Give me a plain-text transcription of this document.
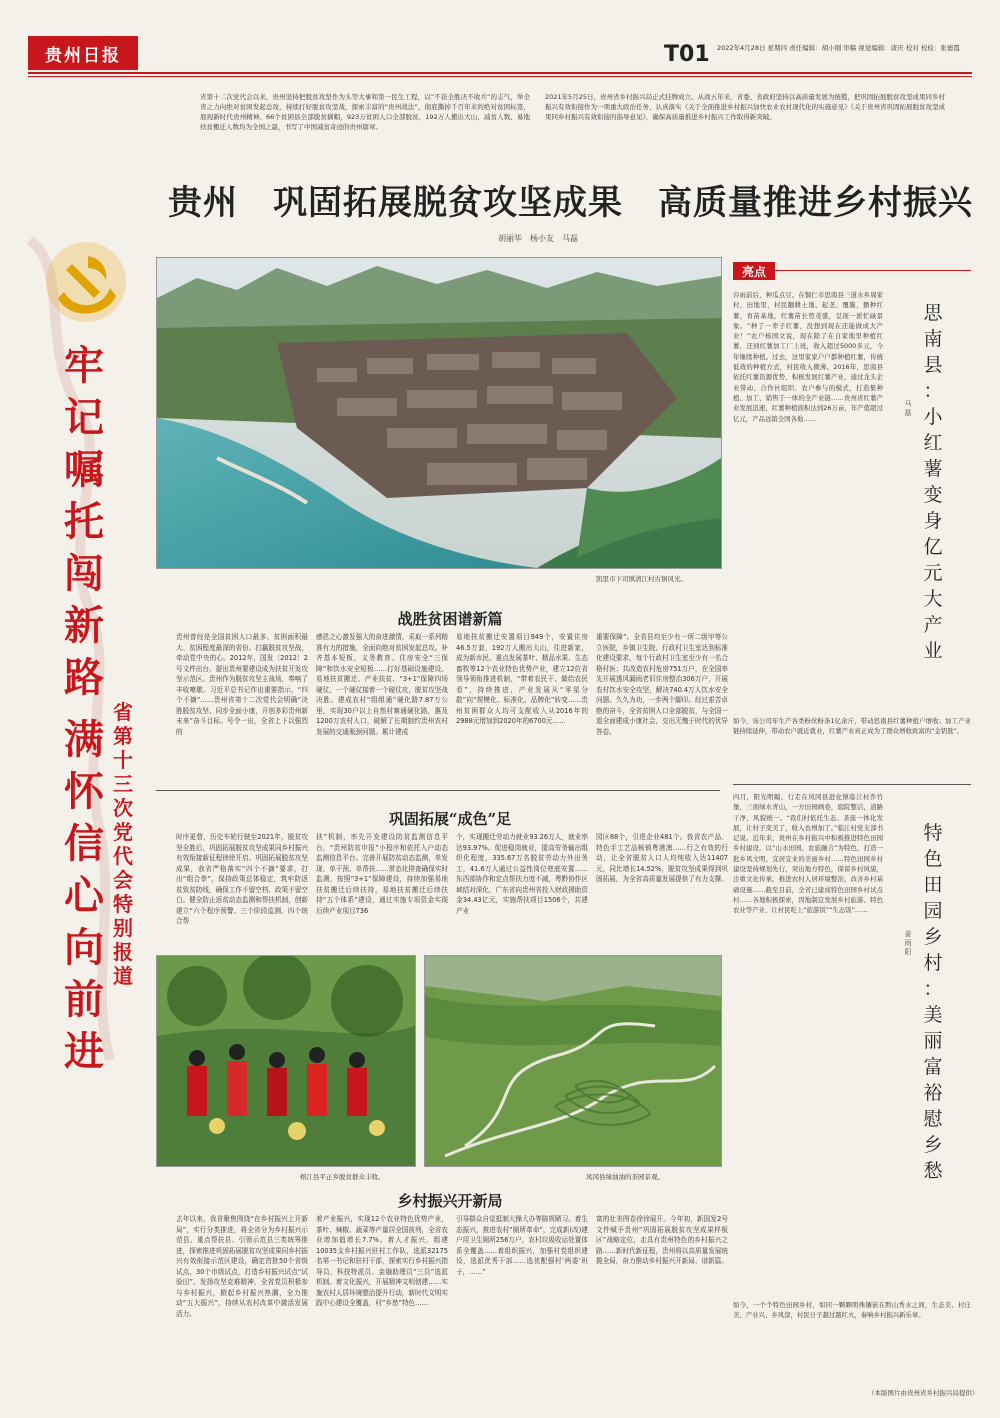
贵州日报	T01 2022年4月28日 星期四 责任编辑：胡小刚 审稿 视觉编辑：唐庆 校对 校检：张德霞
牢
记
嘱
托
闯
新
路
满
怀
信
心
向
前
进
省第十三次党代会特别报道
省第十二次党代会以来，贵州坚持把脱贫攻坚作为头等大事和第一民生工程，以“不获全胜决不收兵”的志气，举全省之力向绝对贫困发起总攻，持续打好脱贫攻坚战，探索丰富的“贵州战法”，彻底撕掉千百年来的绝对贫困标签，展现新时代贵州精神。66个贫困县全部脱贫摘帽，923万贫困人口全部脱贫，192万人搬出大山，减贫人数、易地扶贫搬迁人数均为全国之最，书写了中国减贫奇迹的贵州篇章。
2021年5月25日，贵州省乡村振兴局正式挂牌成立。从战五年来，省委、省政府坚持以高质量发展为统揽，把巩固拓展脱贫攻坚成果同乡村振兴有效衔接作为一项重大政治任务，认真落实《关于全面推进乡村振兴加快农业农村现代化的实施意见》《关于贵州省巩固拓展脱贫攻坚成果同乡村振兴有效衔接的指导意见》，确保高质量推进乡村振兴工作取得新突破。
贵州　巩固拓展脱贫攻坚成果　高质量推进乡村振兴
胡丽华　杨小友　马磊
凯里市下司镇清江村古镇风光。
战胜贫困谱新篇
贵州曾经是全国贫困人口最多、贫困面积最大、贫困程度最深的省份。打赢脱贫攻坚战，牵动党中央的心。2012年，国发〔2012〕2号文件出台，提出贵州要建设成为扶贫开发攻坚示范区。贵州作为脱贫攻坚主战场，奏响了丰收嘹歌。习近平总书记作出重要指示，“四个不摘”……贵州省第十二次党代会明确“决胜脱贫攻坚、同步全面小康，开创多彩贵州新未来”奋斗目标。号令一出，全省上下以强烈的
感恩之心激发强大的奋进激情，采取一系列精准有力的措施，全面向绝对贫困发起总攻。补齐基本短板，义务教育、住房安全“三保障”和饮水安全短板……打好基础设施建设、易地扶贫搬迁、产业扶贫、“3+1”保障四场硬仗，一个硬仗接着一个硬仗攻，脱贫攻坚战决胜。建成农村“组组通”硬化路7.87万公里，实现30户以上自然村寨通硬化路，惠及1200万农村人口，破解了长期制约贵州农村发展的交通瓶颈问题。累计建成
易地扶贫搬迁安置项目949个，安置住房46.5万套，192万人搬出大山，住进新家，成为新市民。重点发展茶叶、精品水果、生态畜牧等12个农业特色优势产业，建立12位省领导领衔推进机制，“带着农民干、做给农民看”，持续推进，产业发展从“零星分散”向“规模化、标准化、品牌化”转变……贵州贫困群众人均可支配收入从2016年的2988元增加到2020年的6700元……
重要保障”。全省县均至少有一所二级甲等公立医院，乡镇卫生院、行政村卫生室达到标准化建设要求，每个行政村卫生室至少有一名合格村医；共改造农村危房751万户，在全国率先开展透风漏雨老旧住房整治306万户，开展农村饮水安全攻坚，解决740.4万人饮水安全问题。久久为功，一步两个脚印。经过艰苦卓绝的奋斗，全省贫困人口全部脱贫，与全国一道全面建成小康社会，交出无愧于时代的优异答卷。
巩固拓展“成色”足
时序更替，历史车轮行驶至2021年，脱贫攻坚全胜后，巩固拓展脱贫攻坚成果同乡村振兴有效衔接新征程徐徐开启。巩固拓展脱贫攻坚成果，我省严格落实“四个不摘”要求，打出“组合拳”，保持政策总体稳定，筑牢防返贫致贫防线，确保工作不留空档、政策不留空白。健全防止返贫动态监测和帮扶机制，创新建立“六个程序预警、三个阶段监测、四个统合帮
扶”机制，率先开发建设防贫监测信息平台，“贵州防贫申报”小程序和依托入户动态监测信息平台。完善开展防贫动态监测，单发现、单干预、单帮扶……常态化排查确保实时监测，按照“3+1”保障建设，持续加强易地扶贫搬迁后续扶持，易地扶贫搬迁后续扶持“五个体系”建设，通过实施专项资金实现后续产业项目736
个，实现搬迁劳动力就业93.26万人，就业率达93.97%。促进稳岗就业，提高劳务输出组织化程度，335.67万名脱贫劳动力外出务工，41.6万人通过公益性岗位兜底安置……东西部协作和定点帮扶力度不减，粤黔协作区域结对深化，广东省向贵州省投入财政援助资金34.43亿元，实施帮扶项目1506个，共建产业
园区88个，引进企业481个。我省农产品、特色手工艺品畅销粤港澳……行之有效的行动，让全省脱贫人口人均纯收入达11407元，同比增长14.52%，脱贫攻坚成果得到巩固拓展，为全省高质量发展提供了有力支撑。
榕江县平正乡脱贫群众丰收。	凤冈县绿油油的茶园景观。
乡村振兴开新局
去年以来，我省聚焦围绕“在乡村振兴上开新局”，实行分类推进，将全省分为乡村振兴示范县、重点帮扶县、引领示范县三类统筹推进，探索推进巩固拓展脱贫攻坚成果同乡村振兴有效衔接示范区建设，确定首批50个省级试点、30个市级试点，打造乡村振兴试点“试验田”。发扬攻坚克难精神，全省党员积极参与乡村振兴，掀起乡村振兴热潮，全力推动“五大振兴”，持续从农村改革中激活发展活力。
着产业振兴，实现12个农业特色优势产业，茶叶、辣椒、蔬菜等产量居全国前列，全省农业增加值增长7.7%。着人才振兴，组建10035支乡村振兴驻村工作队，选派32175名第一书记和驻村干部，探索实行乡村振兴指导员、科技特派员、金融助理员“三员”选派机制。着文化振兴，开展精神文明创建……实施农村人居环境整治提升行动，新时代文明实践中心建设全覆盖，村“乡愁”特色……
引导群众自觉抵制大操大办等陈规陋习。着生态振兴，推进农村“厕所革命”，完成新(改)建户用卫生厕所256万户，农村垃圾收运处置体系全覆盖……着组织振兴，加强村党组织建设，选派优秀干部……选优配强村‘两委’班子，……”
富的壮美图卷徐徐展开。今年初，新国发2号文件赋予贵州“巩固拓展脱贫攻坚成果样板区”战略定位，走具有贵州特色的乡村振兴之路……新时代新征程，贵州将以高质量发展统揽全局，奋力推动乡村振兴开新局、谱新篇。
亮点
谷雨前后，种瓜点豆。在铜仁市思南县三道水乡周家村，田地里，村民翻耕土地、起垄、覆膜，播种红薯，育苗基地，红薯苗长势茂盛，呈现一派忙碌景象。“种了一辈子红薯，没想到现在还能做成大产业！”农户杨国文说，现在除了在自家地里种植红薯，还到红薯加工厂上班，收入超过5000多元，今年继续种植。过去，这里家家户户都种植红薯，传统低效的种植方式，村民收入微薄。2016年，思南县依托红薯资源优势，积极发展红薯产业，通过龙头企业带动、合作社组织、农户参与的模式，打造集种植、加工、销售于一体的全产业链……贵州省红薯产业发展迅速，红薯种植面积达到26万亩，年产值超过亿元，产品远销全国各地……
如今，该公司年生产各类粉丝粉条1亿余斤，带动思南县红薯种植户增收；加工产业链持续延伸，带动农户就近就业，红薯产业真正成为了群众增收致富的“金钥匙”。
思
南
县
：
小
红
薯
变
身
亿
元
大
产
业
马磊
四月，阳光明媚，行走在凤冈县进化镇临江村乔竹堡，三面绿水青山，一方田园画卷，庭院整洁，道路干净，风貌统一。“我们村依托生态、茶旅一体化发展，让村子变美了，收入也增加了。”临江村党支部书记说。近年来，贵州在乡村振兴中积极推进特色田园乡村建设，以“山水田园、农旅融合”为特色，打造一批乡风文明、宜居宜业的美丽乡村……特色田园乡村建设坚持规划先行，突出地方特色，保留乡村风貌，注重文化传承，推进农村人居环境整治，改善乡村基础设施……截至目前，全省已建成特色田园乡村试点村……各地积极探索，因地制宜发展乡村旅游、特色农业等产业，让村民吃上“旅游饭”“生态饭”……
如今，一个个特色田园乡村，如同一颗颗明珠镶嵌在黔山秀水之间，生态美、村庄美、产业兴、乡风淳，村民日子越过越红火，奏响乡村振兴新乐章。
特
色
田
园
乡
村
：
美
丽
富
裕
慰
乡
愁
姜雨阳
（本版图片由贵州省乡村振兴局提供）
